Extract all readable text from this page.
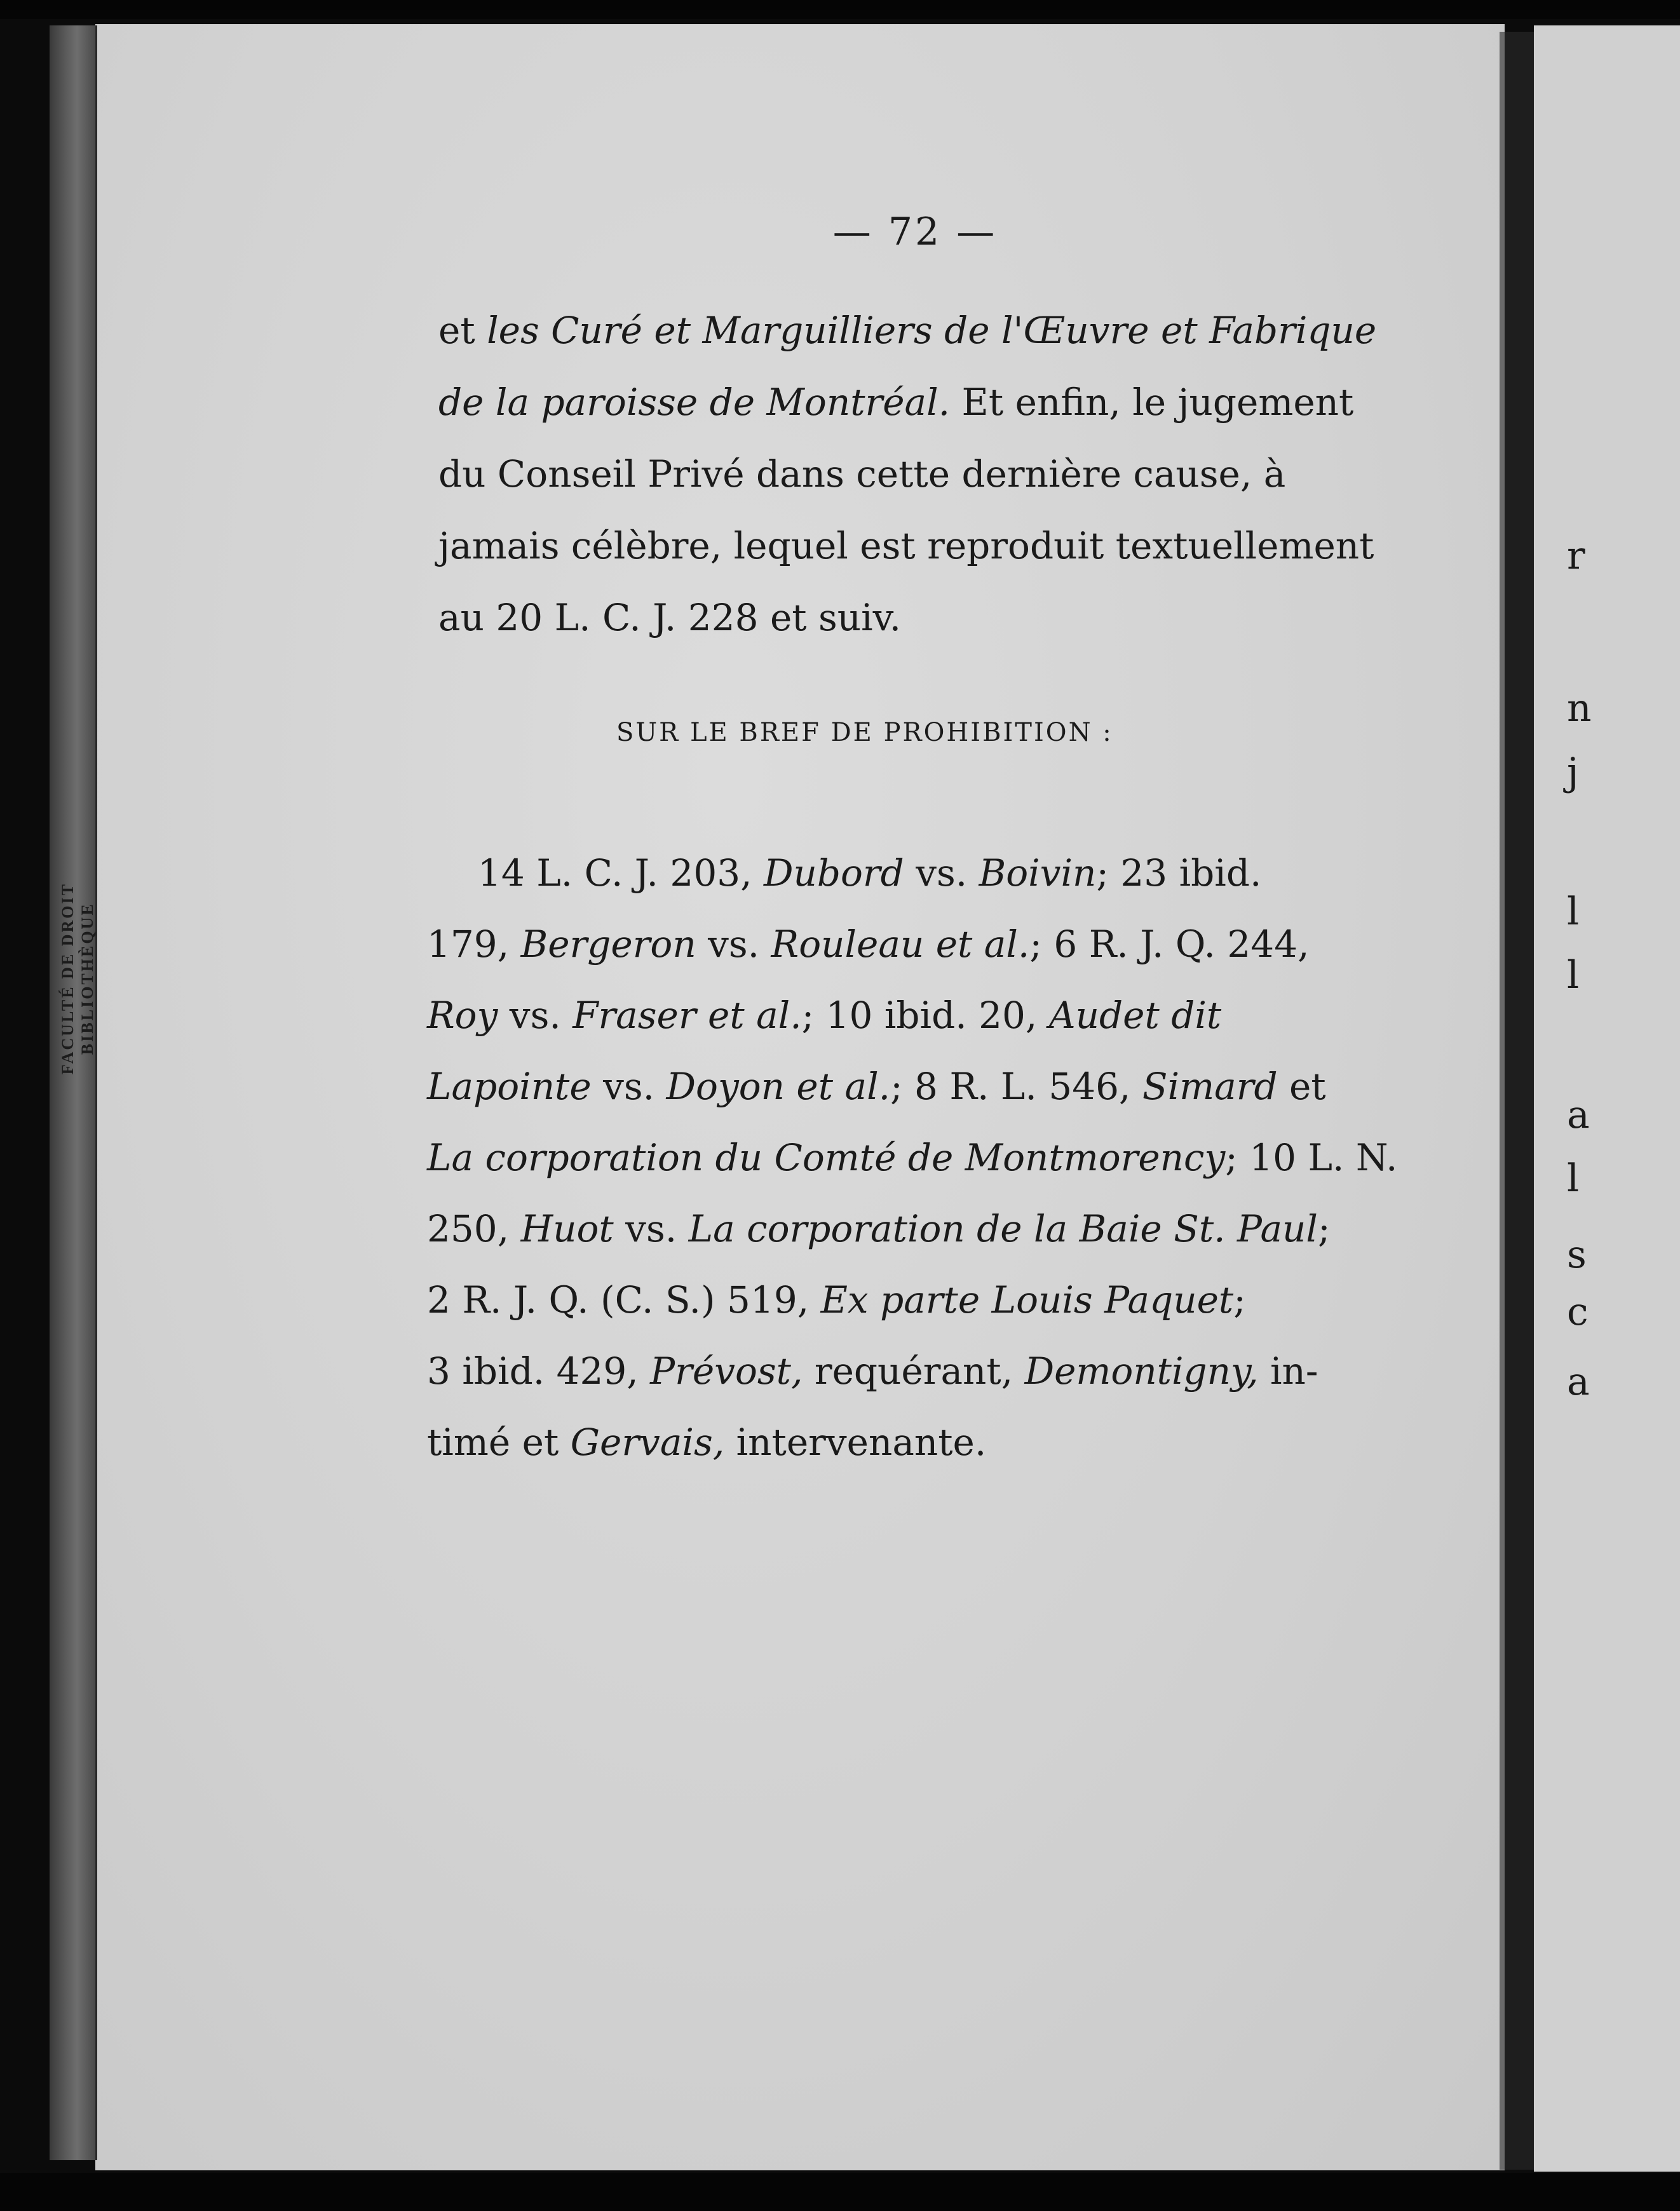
FACULTÉ DE DROIT BIBLIOTHÈQUE
r
n
j
l
l
a
l
s
c
a
— 72 —
et les Curé et Marguilliers de l'Œuvre et Fabrique
de la paroisse de Montréal. Et enfin, le jugement
du Conseil Privé dans cette dernière cause, à
jamais célèbre, lequel est reproduit textuellement
au 20 L. C. J. 228 et suiv.
SUR LE BREF DE PROHIBITION :
14 L. C. J. 203, Dubord vs. Boivin; 23 ibid.
179, Bergeron vs. Rouleau et al.; 6 R. J. Q. 244,
Roy vs. Fraser et al.; 10 ibid. 20, Audet dit
Lapointe vs. Doyon et al.; 8 R. L. 546, Simard et
La corporation du Comté de Montmorency; 10 L. N.
250, Huot vs. La corporation de la Baie St. Paul;
2 R. J. Q. (C. S.) 519, Ex parte Louis Paquet;
3 ibid. 429, Prévost, requérant, Demontigny, in-
timé et Gervais, intervenante.
